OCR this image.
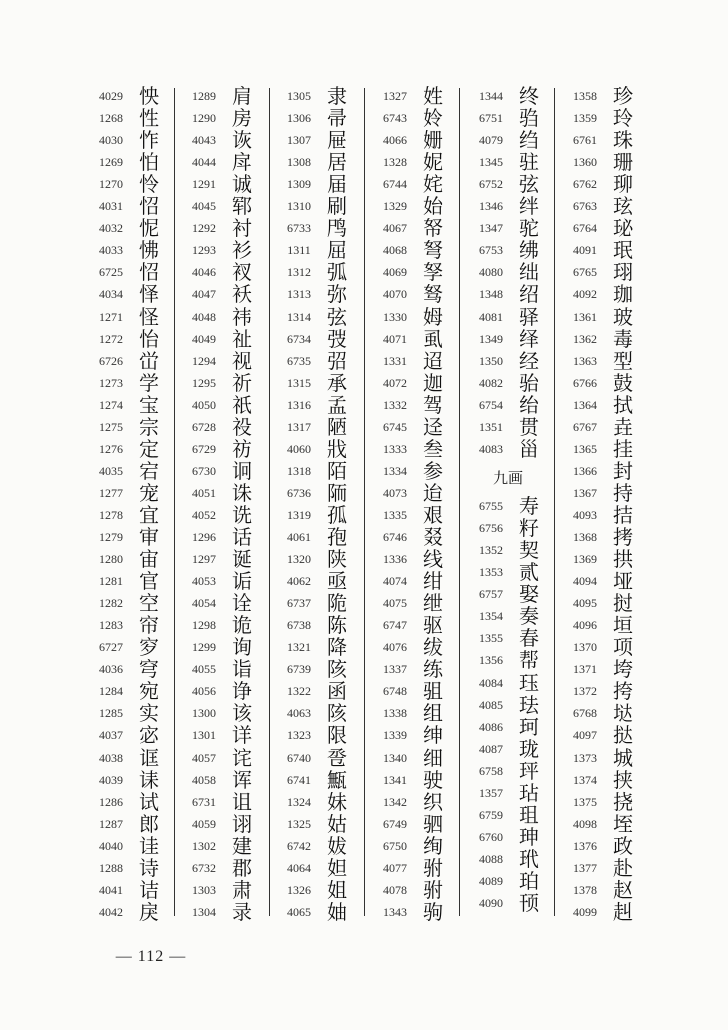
4029 怏
1268 性
4030 怍
1269 怕
1270 怜
4031 怊
4032 怩
4033 怫
6725 怊
4034 怿
1271 怪
1272 怡
6726 峃
1273 学
1274 宝
1275 宗
1276 定
4035 宕
1277 宠
1278 宜
1279 审
1280 宙
1281 官
1282 空
1283 帘
6727 穸
4036 穹
1284 宛
1285 实
4037 宓
4038 诓
4039 诔
1286 试
1287 郎
4040 诖
1288 诗
4041 诘
4042 戾
1289 肩
1290 房
4043 诙
4044 戽
1291 诚
4045 郓
1292 衬
1293 衫
4046 衩
4047 袄
4048 祎
4049 祉
1294 视
1295 祈
4050 祇
6728 祋
6729 祊
6730 诇
4051 诛
4052 诜
1296 话
1297 诞
4053 诟
4054 诠
1298 诡
1299 询
4055 诣
4056 诤
1300 该
1301 详
4057 诧
4058 诨
6731 诅
4059 诩
1302 建
6732 郡
1303 肃
1304 录
1305 隶
1306 帚
1307 屉
1308 居
1309 届
1310 刷
6733 鸤
1311 屈
1312 弧
1313 弥
1314 弦
6734 弢
6735 弨
1315 承
1316 孟
1317 陋
4060 戕
1318 陌
6736 陑
1319 孤
4061 孢
1320 陕
4062 亟
6737 陒
6738 陈
1321 降
6739 陔
1322 函
4063 陔
1323 限
6740 卺
6741 甒
1324 妹
1325 姑
6742 妭
4064 妲
1326 姐
4065 妯
1327 姓
6743 姈
4066 姗
1328 妮
6744 姹
1329 始
4067 帑
4068 弩
4069 孥
4070 驽
1330 姆
4071 虱
1331 迢
4072 迦
1332 驾
6745 迳
1333 叁
1334 参
4073 迨
1335 艰
6746 叕
1336 线
4074 绀
4075 绁
6747 驱
4076 绂
1337 练
6748 驵
1338 组
1339 绅
1340 细
1341 驶
1342 织
6749 驷
6750 绚
4077 驸
4078 驸
1343 驹
1344 终
6751 驺
4079 绉
1345 驻
6752 弦
1346 绊
1347 驼
6753 绋
4080 绌
1348 绍
4081 驿
1349 绎
1350 经
4082 骀
6754 绐
1351 贯
4083 甾
九画
6755 寿
6756 籽
1352 契
1353 贰
6757 娶
1354 奏
1355 春
1356 帮
4084 珏
4085 珐
4086 珂
4087 珑
6758 玶
1357 玷
6759 珇
6760 珅
4088 玳
4089 珀
4090 顸
1358 珍
1359 玲
6761 珠
1360 珊
6762 珋
6763 玹
6764 珌
4091 珉
6765 珝
4092 珈
1361 玻
1362 毒
1363 型
6766 鼓
1364 拭
6767 垚
1365 挂
1366 封
1367 持
4093 拮
1368 拷
1369 拱
4094 垭
4095 挝
4096 垣
1370 项
1371 垮
1372 挎
6768 垯
4097 挞
1373 城
1374 挟
1375 挠
4098 垤
1376 政
1377 赴
1378 赵
4099 赳
— 112 —
